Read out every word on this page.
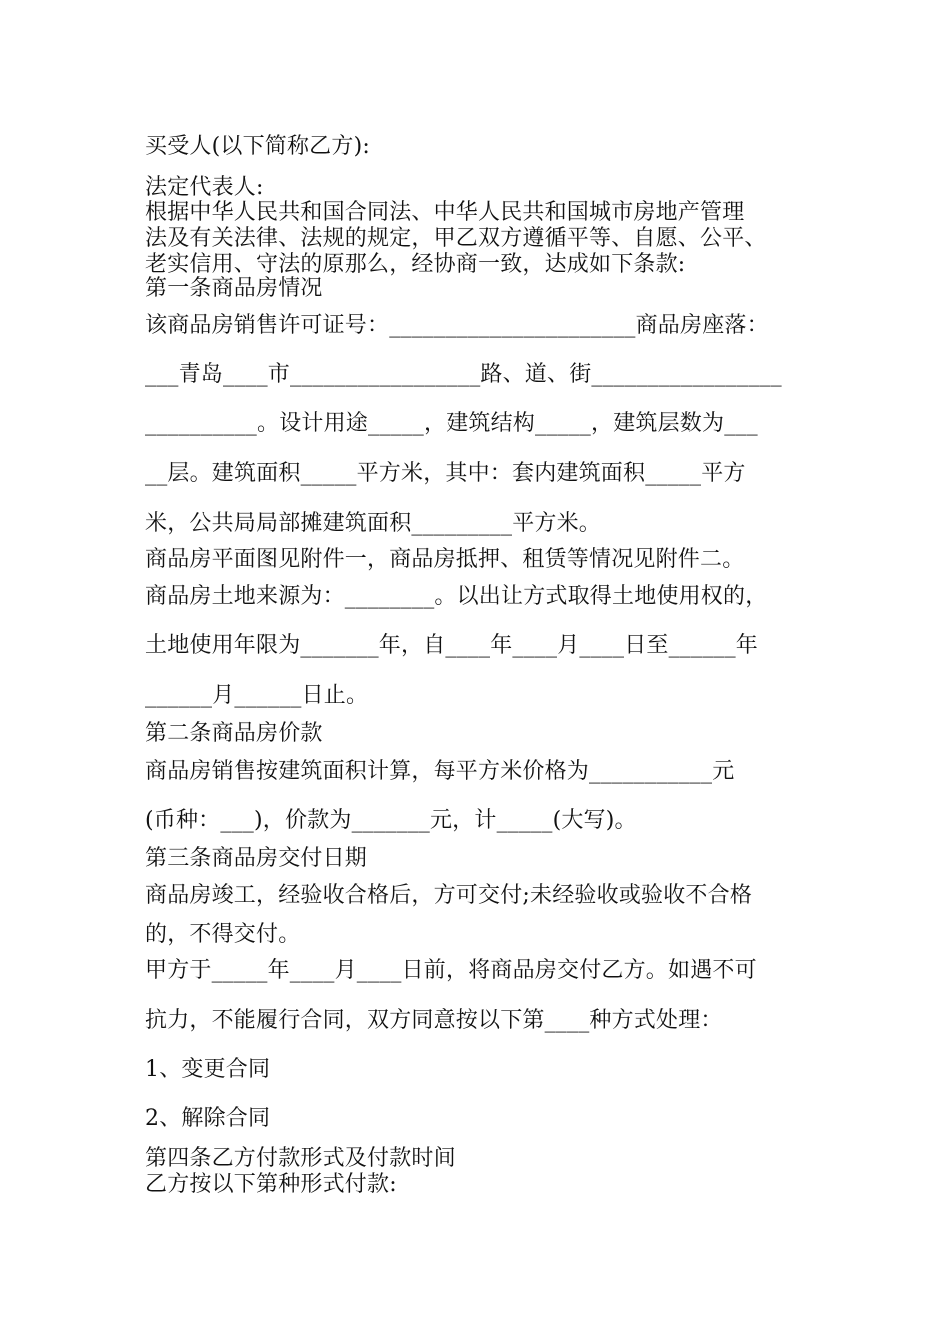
买受人(以下简称乙方):
法定代表人:
根据中华人民共和国合同法、中华人民共和国城市房地产管理
法及有关法律、法规的规定，甲乙双方遵循平等、自愿、公平、
老实信用、守法的原那么，经协商一致，达成如下条款:
第一条商品房情况
该商品房销售许可证号：______________________商品房座落：
___青岛____市_________________路、道、街_________________
__________。设计用途_____，建筑结构_____，建筑层数为___
__层。建筑面积_____平方米，其中：套内建筑面积_____平方
米，公共局局部摊建筑面积_________平方米。
商品房平面图见附件一，商品房抵押、租赁等情况见附件二。
商品房土地来源为：________。以出让方式取得土地使用权的，
土地使用年限为_______年，自____年____月____日至______年
______月______日止。
第二条商品房价款
商品房销售按建筑面积计算，每平方米价格为___________元
(币种：___)，价款为_______元，计_____(大写)。
第三条商品房交付日期
商品房竣工，经验收合格后，方可交付;未经验收或验收不合格
的，不得交付。
甲方于_____年____月____日前，将商品房交付乙方。如遇不可
抗力，不能履行合同，双方同意按以下第____种方式处理：
1、变更合同
2、解除合同
第四条乙方付款形式及付款时间
乙方按以下第种形式付款:
